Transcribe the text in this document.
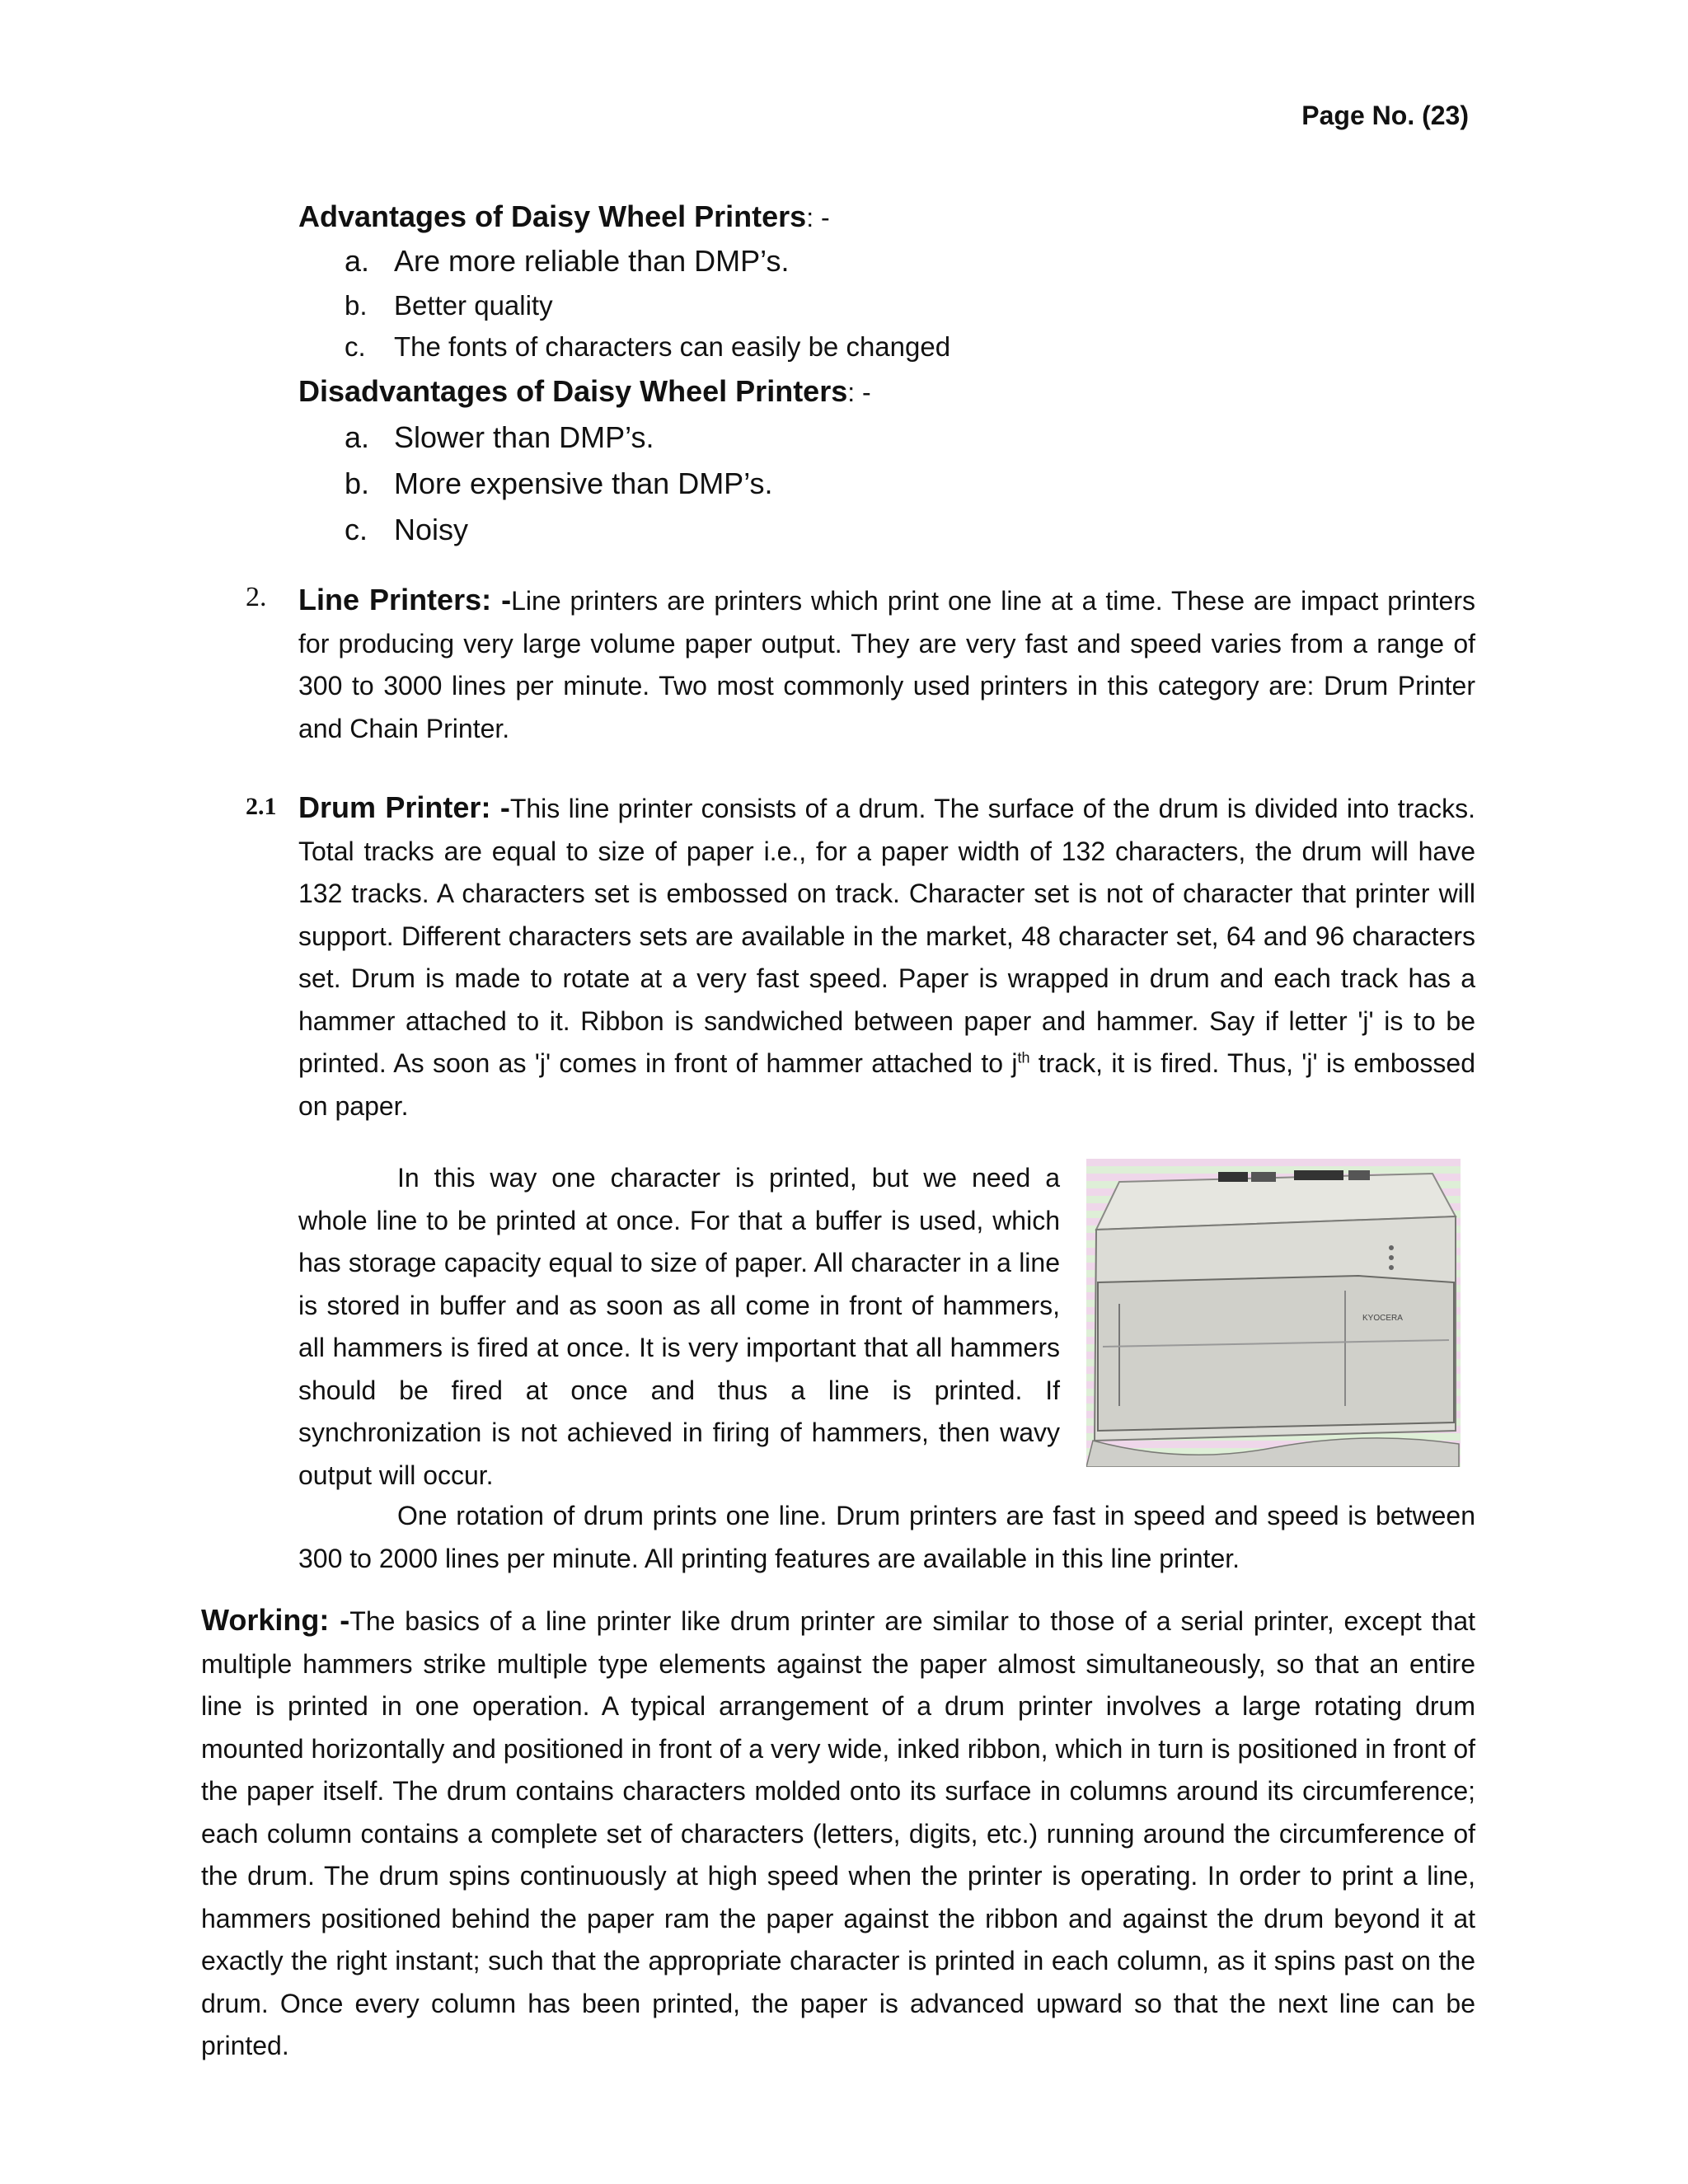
Page No. (23)
Advantages of Daisy Wheel Printers: -
a. Are more reliable than DMP’s.
b. Better quality
c. The fonts of characters can easily be changed
Disadvantages of Daisy Wheel Printers: -
a. Slower than DMP’s.
b. More expensive than DMP’s.
c. Noisy
2. Line Printers: -Line printers are printers which print one line at a time. These are impact printers for producing very large volume paper output. They are very fast and speed varies from a range of 300 to 3000 lines per minute. Two most commonly used printers in this category are: Drum Printer and Chain Printer.
2.1 Drum Printer: -This line printer consists of a drum. The surface of the drum is divided into tracks. Total tracks are equal to size of paper i.e., for a paper width of 132 characters, the drum will have 132 tracks. A characters set is embossed on track. Character set is not of character that printer will support. Different characters sets are available in the market, 48 character set, 64 and 96 characters set. Drum is made to rotate at a very fast speed. Paper is wrapped in drum and each track has a hammer attached to it. Ribbon is sandwiched between paper and hammer. Say if letter 'j' is to be printed. As soon as 'j' comes in front of hammer attached to $j^{th}$ track, it is fired. Thus, 'j' is embossed on paper.
In this way one character is printed, but we need a whole line to be printed at once. For that a buffer is used, which has storage capacity equal to size of paper. All character in a line is stored in buffer and as soon as all come in front of hammers, all hammers is fired at once. It is very important that all hammers should be fired at once and thus a line is printed. If synchronization is not achieved in firing of hammers, then wavy output will occur.
KYOCERA
One rotation of drum prints one line. Drum printers are fast in speed and speed is between 300 to 2000 lines per minute. All printing features are available in this line printer.
Working: -The basics of a line printer like drum printer are similar to those of a serial printer, except that multiple hammers strike multiple type elements against the paper almost simultaneously, so that an entire line is printed in one operation. A typical arrangement of a drum printer involves a large rotating drum mounted horizontally and positioned in front of a very wide, inked ribbon, which in turn is positioned in front of the paper itself. The drum contains characters molded onto its surface in columns around its circumference; each column contains a complete set of characters (letters, digits, etc.) running around the circumference of the drum. The drum spins continuously at high speed when the printer is operating. In order to print a line, hammers positioned behind the paper ram the paper against the ribbon and against the drum beyond it at exactly the right instant; such that the appropriate character is printed in each column, as it spins past on the drum. Once every column has been printed, the paper is advanced upward so that the next line can be printed.
